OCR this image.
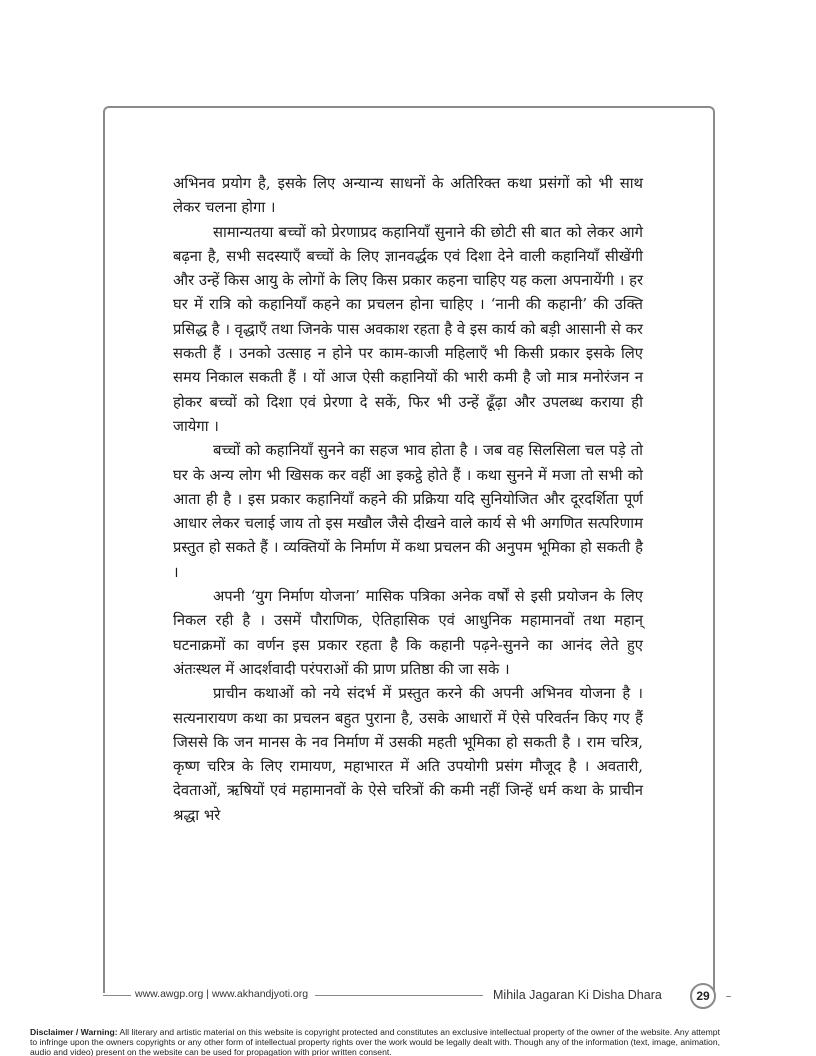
अभिनव प्रयोग है, इसके लिए अन्यान्य साधनों के अतिरिक्त कथा प्रसंगों को भी साथ लेकर चलना होगा ।

सामान्यतया बच्चों को प्रेरणाप्रद कहानियाँ सुनाने की छोटी सी बात को लेकर आगे बढ़ना है, सभी सदस्याएँ बच्चों के लिए ज्ञानवर्द्धक एवं दिशा देने वाली कहानियाँ सीखेंगी और उन्हें किस आयु के लोगों के लिए किस प्रकार कहना चाहिए यह कला अपनायेंगी । हर घर में रात्रि को कहानियाँ कहने का प्रचलन होना चाहिए । ‘नानी की कहानी’ की उक्ति प्रसिद्ध है । वृद्धाएँ तथा जिनके पास अवकाश रहता है वे इस कार्य को बड़ी आसानी से कर सकती हैं । उनको उत्साह न होने पर काम-काजी महिलाएँ भी किसी प्रकार इसके लिए समय निकाल सकती हैं । यों आज ऐसी कहानियों की भारी कमी है जो मात्र मनोरंजन न होकर बच्चों को दिशा एवं प्रेरणा दे सकें, फिर भी उन्हें ढूँढ़ा और उपलब्ध कराया ही जायेगा ।

बच्चों को कहानियाँ सुनने का सहज भाव होता है । जब वह सिलसिला चल पड़े तो घर के अन्य लोग भी खिसक कर वहीं आ इकट्ठे होते हैं । कथा सुनने में मजा तो सभी को आता ही है । इस प्रकार कहानियाँ कहने की प्रक्रिया यदि सुनियोजित और दूरदर्शिता पूर्ण आधार लेकर चलाई जाय तो इस मखौल जैसे दीखने वाले कार्य से भी अगणित सत्परिणाम प्रस्तुत हो सकते हैं । व्यक्तियों के निर्माण में कथा प्रचलन की अनुपम भूमिका हो सकती है ।

अपनी ‘युग निर्माण योजना’ मासिक पत्रिका अनेक वर्षों से इसी प्रयोजन के लिए निकल रही है । उसमें पौराणिक, ऐतिहासिक एवं आधुनिक महामानवों तथा महान् घटनाक्रमों का वर्णन इस प्रकार रहता है कि कहानी पढ़ने-सुनने का आनंद लेते हुए अंतःस्थल में आदर्शवादी परंपराओं की प्राण प्रतिष्ठा की जा सके ।

प्राचीन कथाओं को नये संदर्भ में प्रस्तुत करने की अपनी अभिनव योजना है । सत्यनारायण कथा का प्रचलन बहुत पुराना है, उसके आधारों में ऐसे परिवर्तन किए गए हैं जिससे कि जन मानस के नव निर्माण में उसकी महती भूमिका हो सकती है । राम चरित्र, कृष्ण चरित्र के लिए रामायण, महाभारत में अति उपयोगी प्रसंग मौजूद है । अवतारी, देवताओं, ऋषियों एवं महामानवों के ऐसे चरित्रों की कमी नहीं जिन्हें धर्म कथा के प्राचीन श्रद्धा भरे

www.awgp.org | www.akhandjyoti.org	Mihila Jagaran Ki Disha Dhara	29
Disclaimer / Warning: All literary and artistic material on this website is copyright protected and constitutes an exclusive intellectual property of the owner of the website. Any attempt to infringe upon the owners copyrights or any other form of intellectual property rights over the work would be legally dealt with. Though any of the information (text, image, animation, audio and video) present on the website can be used for propagation with prior written consent.
